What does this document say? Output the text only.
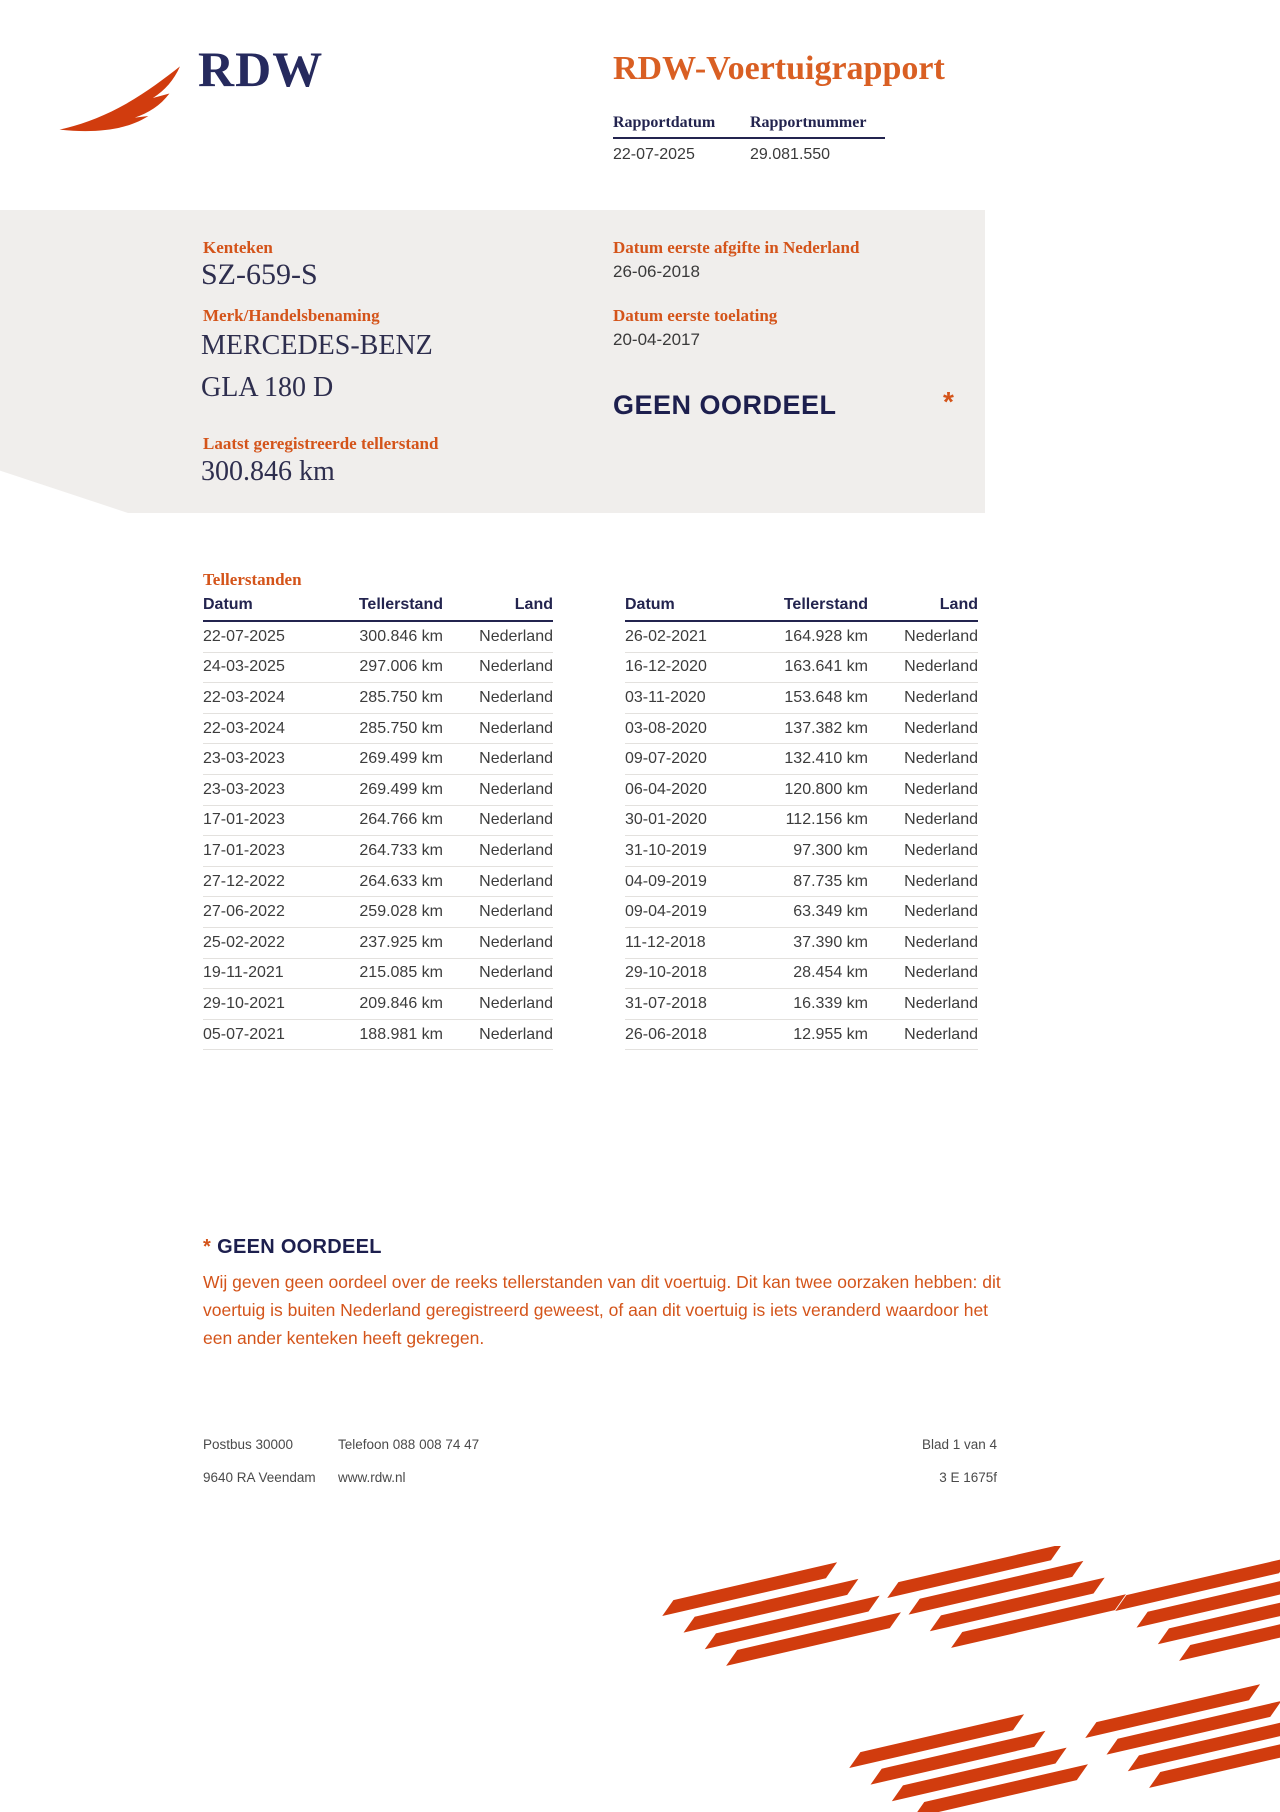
RDW	RDW-Voertuigrapport
Rapportdatum	Rapportnummer
22-07-2025	29.081.550
Kenteken
SZ-659-S
Merk/Handelsbenaming
MERCEDES-BENZ
GLA 180 D
Laatst geregistreerde tellerstand
300.846 km
Datum eerste afgifte in Nederland
26-06-2018
Datum eerste toelating
20-04-2017
GEEN OORDEEL	*
Tellerstanden
Datum	Tellerstand	Land
22-07-2025	300.846 km	Nederland
24-03-2025	297.006 km	Nederland
22-03-2024	285.750 km	Nederland
22-03-2024	285.750 km	Nederland
23-03-2023	269.499 km	Nederland
23-03-2023	269.499 km	Nederland
17-01-2023	264.766 km	Nederland
17-01-2023	264.733 km	Nederland
27-12-2022	264.633 km	Nederland
27-06-2022	259.028 km	Nederland
25-02-2022	237.925 km	Nederland
19-11-2021	215.085 km	Nederland
29-10-2021	209.846 km	Nederland
05-07-2021	188.981 km	Nederland
Datum	Tellerstand	Land
26-02-2021	164.928 km	Nederland
16-12-2020	163.641 km	Nederland
03-11-2020	153.648 km	Nederland
03-08-2020	137.382 km	Nederland
09-07-2020	132.410 km	Nederland
06-04-2020	120.800 km	Nederland
30-01-2020	112.156 km	Nederland
31-10-2019	97.300 km	Nederland
04-09-2019	87.735 km	Nederland
09-04-2019	63.349 km	Nederland
11-12-2018	37.390 km	Nederland
29-10-2018	28.454 km	Nederland
31-07-2018	16.339 km	Nederland
26-06-2018	12.955 km	Nederland
* GEEN OORDEEL
Wij geven geen oordeel over de reeks tellerstanden van dit voertuig. Dit kan twee oorzaken hebben: dit voertuig is buiten Nederland geregistreerd geweest, of aan dit voertuig is iets veranderd waardoor het een ander kenteken heeft gekregen.
Postbus 30000	Telefoon 088 008 74 47
9640 RA Veendam www.rdw.nl
Blad 1 van 4
3 E 1675f
